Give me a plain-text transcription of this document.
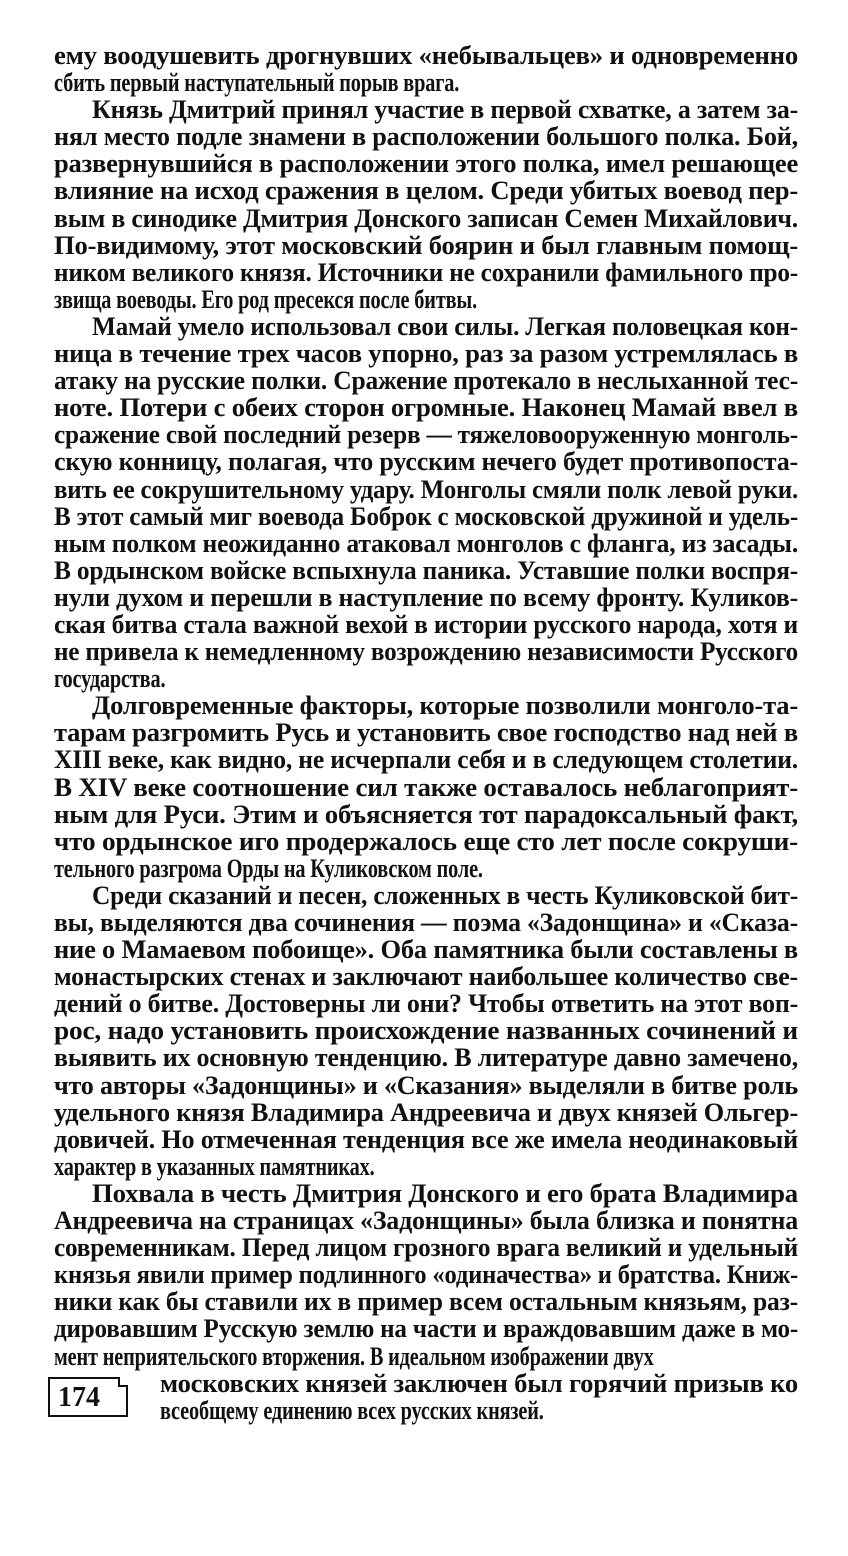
ему воодушевить дрогнувших «небывальцев» и одновременно
сбить первый наступательный порыв врага.
Князь Дмитрий принял участие в первой схватке, а затем за-
нял место подле знамени в расположении большого полка. Бой,
развернувшийся в расположении этого полка, имел решающее
влияние на исход сражения в целом. Среди убитых воевод пер-
вым в синодике Дмитрия Донского записан Семен Михайлович.
По-видимому, этот московский боярин и был главным помощ-
ником великого князя. Источники не сохранили фамильного про-
звища воеводы. Его род пресекся после битвы.
Мамай умело использовал свои силы. Легкая половецкая кон-
ница в течение трех часов упорно, раз за разом устремлялась в
атаку на русские полки. Сражение протекало в неслыханной тес-
ноте. Потери с обеих сторон огромные. Наконец Мамай ввел в
сражение свой последний резерв — тяжеловооруженную монголь-
скую конницу, полагая, что русским нечего будет противопоста-
вить ее сокрушительному удару. Монголы смяли полк левой руки.
В этот самый миг воевода Боброк с московской дружиной и удель-
ным полком неожиданно атаковал монголов с фланга, из засады.
В ордынском войске вспыхнула паника. Уставшие полки воспря-
нули духом и перешли в наступление по всему фронту. Куликов-
ская битва стала важной вехой в истории русского народа, хотя и
не привела к немедленному возрождению независимости Русского
государства.
Долговременные факторы, которые позволили монголо-та-
тарам разгромить Русь и установить свое господство над ней в
XIII веке, как видно, не исчерпали себя и в следующем столетии.
В XIV веке соотношение сил также оставалось неблагоприят-
ным для Руси. Этим и объясняется тот парадоксальный факт,
что ордынское иго продержалось еще сто лет после сокруши-
тельного разгрома Орды на Куликовском поле.
Среди сказаний и песен, сложенных в честь Куликовской бит-
вы, выделяются два сочинения — поэма «Задонщина» и «Сказа-
ние о Мамаевом побоище». Оба памятника были составлены в
монастырских стенах и заключают наибольшее количество све-
дений о битве. Достоверны ли они? Чтобы ответить на этот воп-
рос, надо установить происхождение названных сочинений и
выявить их основную тенденцию. В литературе давно замечено,
что авторы «Задонщины» и «Сказания» выделяли в битве роль
удельного князя Владимира Андреевича и двух князей Ольгер-
довичей. Но отмеченная тенденция все же имела неодинаковый
характер в указанных памятниках.
Похвала в честь Дмитрия Донского и его брата Владимира
Андреевича на страницах «Задонщины» была близка и понятна
современникам. Перед лицом грозного врага великий и удельный
князья явили пример подлинного «одиначества» и братства. Книж-
ники как бы ставили их в пример всем остальным князьям, раз-
дировавшим Русскую землю на части и враждовавшим даже в мо-
мент неприятельского вторжения. В идеальном изображении двух
174 московских князей заключен был горячий призыв ко
всеобщему единению всех русских князей.
